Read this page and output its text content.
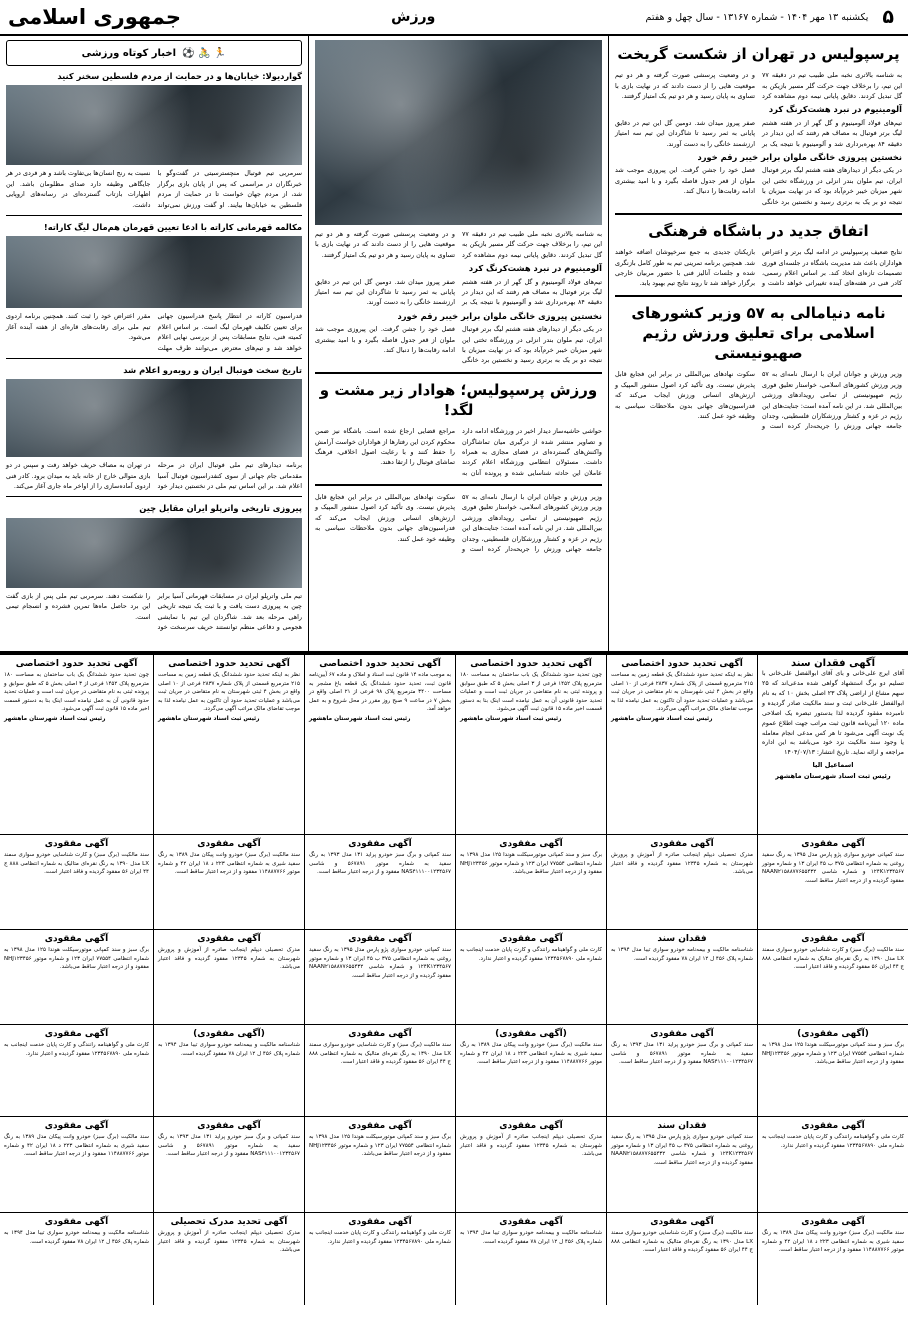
۵
یکشنبه ۱۳ مهر ۱۴۰۴ - شماره ۱۳۱۶۷ - سال چهل و هفتم
ورزش
جمهوری اسلامی
پرسپولیس در تهران از شکست گریخت
به شناسه بالاتری نخبه ملی طبیب تیم در دقیقه ۷۷ این تیم، را برخلاف جهت حرکت گلر مسیر بازیکن به گل تبدیل کردند. دقایق پایانی نیمه دوم مشاهده کرد و در وضعیت پرسشی صورت گرفته و هر دو تیم موقعیت هایی را از دست دادند که در نهایت بازی با تساوی به پایان رسید و هر دو تیم یک امتیاز گرفتند.
آلومینیوم در نبرد هشت‌کرنگ کرد
تیم‌های فولاد آلومینیوم و گل گهر از در هفته هشتم لیگ برتر فوتبال به مصاف هم رفتند که این دیدار در دقیقه ۸۴ بهره‌برداری شد و آلومینیوم با نتیجه یک بر صفر پیروز میدان شد. دومین گل این تیم در دقایق پایانی به ثمر رسید تا شاگردان این تیم سه امتیاز ارزشمند خانگی را به دست آورند.
نخستین پیروزی خانگی ملوان برابر خیبر رقم خورد
در یکی دیگر از دیدارهای هفته هشتم لیگ برتر فوتبال ایران، تیم ملوان بندر انزلی در ورزشگاه تختی این شهر میزبان خیبر خرم‌آباد بود که در نهایت میزبان با نتیجه دو بر یک به برتری رسید و نخستین برد خانگی فصل خود را جشن گرفت. این پیروزی موجب شد ملوان از قعر جدول فاصله بگیرد و با امید بیشتری ادامه رقابت‌ها را دنبال کند.
اتفاق جدید در باشگاه فرهنگی
نتایج ضعیف پرسپولیس در ادامه لیگ برتر و اعتراض هواداران باعث شد مدیریت باشگاه در جلسه‌ای فوری تصمیمات تازه‌ای اتخاذ کند. بر اساس اعلام رسمی، کادر فنی در هفته‌های آینده تغییراتی خواهد داشت و بازیکنان جدیدی به جمع سرخپوشان اضافه خواهند شد. همچنین برنامه تمرینی تیم به طور کامل بازنگری شده و جلسات آنالیز فنی با حضور مربیان خارجی برگزار خواهد شد تا روند نتایج تیم بهبود یابد.
نامه دنیامالی به ۵۷ وزیر کشورهای اسلامی برای تعلیق ورزش رژیم صهیونیستی
وزیر ورزش و جوانان ایران با ارسال نامه‌ای به ۵۷ وزیر ورزش کشورهای اسلامی، خواستار تعلیق فوری رژیم صهیونیستی از تمامی رویدادهای ورزشی بین‌المللی شد. در این نامه آمده است: جنایت‌های این رژیم در غزه و کشتار ورزشکاران فلسطینی، وجدان جامعه جهانی ورزش را جریحه‌دار کرده است و سکوت نهادهای بین‌المللی در برابر این فجایع قابل پذیرش نیست. وی تأکید کرد اصول منشور المپیک و ارزش‌های انسانی ورزش ایجاب می‌کند که فدراسیون‌های جهانی بدون ملاحظات سیاسی به وظیفه خود عمل کنند.
به شناسه بالاتری نخبه ملی طبیب تیم در دقیقه ۷۷ این تیم، را برخلاف جهت حرکت گلر مسیر بازیکن به گل تبدیل کردند. دقایق پایانی نیمه دوم مشاهده کرد و در وضعیت پرسشی صورت گرفته و هر دو تیم موقعیت هایی را از دست دادند که در نهایت بازی با تساوی به پایان رسید و هر دو تیم یک امتیاز گرفتند.
آلومینیوم در نبرد هشت‌کرنگ کرد
تیم‌های فولاد آلومینیوم و گل گهر از در هفته هشتم لیگ برتر فوتبال به مصاف هم رفتند که این دیدار در دقیقه ۸۴ بهره‌برداری شد و آلومینیوم با نتیجه یک بر صفر پیروز میدان شد. دومین گل این تیم در دقایق پایانی به ثمر رسید تا شاگردان این تیم سه امتیاز ارزشمند خانگی را به دست آورند.
نخستین پیروزی خانگی ملوان برابر خیبر رقم خورد
در یکی دیگر از دیدارهای هفته هشتم لیگ برتر فوتبال ایران، تیم ملوان بندر انزلی در ورزشگاه تختی این شهر میزبان خیبر خرم‌آباد بود که در نهایت میزبان با نتیجه دو بر یک به برتری رسید و نخستین برد خانگی فصل خود را جشن گرفت. این پیروزی موجب شد ملوان از قعر جدول فاصله بگیرد و با امید بیشتری ادامه رقابت‌ها را دنبال کند.
ورزش پرسپولیس؛ هوادار زیر مشت و لگد!
حواشی حاشیه‌ساز دیدار اخیر در ورزشگاه ادامه دارد و تصاویر منتشر شده از درگیری میان تماشاگران واکنش‌های گسترده‌ای در فضای مجازی به همراه داشت. مسئولان انتظامی ورزشگاه اعلام کردند عاملان این حادثه شناسایی شده و پرونده آنان به مراجع قضایی ارجاع شده است. باشگاه نیز ضمن محکوم کردن این رفتارها از هواداران خواست آرامش را حفظ کنند و با رعایت اصول اخلاقی، فرهنگ تماشای فوتبال را ارتقا دهند.
وزیر ورزش و جوانان ایران با ارسال نامه‌ای به ۵۷ وزیر ورزش کشورهای اسلامی، خواستار تعلیق فوری رژیم صهیونیستی از تمامی رویدادهای ورزشی بین‌المللی شد. در این نامه آمده است: جنایت‌های این رژیم در غزه و کشتار ورزشکاران فلسطینی، وجدان جامعه جهانی ورزش را جریحه‌دار کرده است و سکوت نهادهای بین‌المللی در برابر این فجایع قابل پذیرش نیست. وی تأکید کرد اصول منشور المپیک و ارزش‌های انسانی ورزش ایجاب می‌کند که فدراسیون‌های جهانی بدون ملاحظات سیاسی به وظیفه خود عمل کنند.
🏃 🚴 ⚽
اخبار کوتاه ورزشی
گواردیولا: خیابان‌ها و در حمایت از مردم فلسطین سخنر کنید
سرمربی تیم فوتبال منچسترسیتی در گفت‌وگو با خبرنگاران در مراسمی که پس از پایان بازی برگزار شد، از مردم جهان خواست تا در حمایت از مردم فلسطین به خیابان‌ها بیایند. او گفت ورزش نمی‌تواند نسبت به رنج انسان‌ها بی‌تفاوت باشد و هر فردی در هر جایگاهی وظیفه دارد صدای مظلومان باشد. این اظهارات بازتاب گسترده‌ای در رسانه‌های اروپایی داشت.
مکالمه قهرمانی کاراته با ادعا تعیین قهرمان هم‌مال لیگ کاراته!
فدراسیون کاراته در انتظار پاسخ فدراسیون جهانی برای تعیین تکلیف قهرمان لیگ است. بر اساس اعلام کمیته فنی، نتایج مسابقات پس از بررسی نهایی اعلام خواهد شد و تیم‌های معترض می‌توانند ظرف مهلت مقرر اعتراض خود را ثبت کنند. همچنین برنامه اردوی تیم ملی برای رقابت‌های قاره‌ای از هفته آینده آغاز می‌شود.
تاریخ سخت فوتبال ایران و روبه‌رو اعلام شد
برنامه دیدارهای تیم ملی فوتبال ایران در مرحله مقدماتی جام جهانی از سوی کنفدراسیون فوتبال آسیا اعلام شد. بر این اساس تیم ملی در نخستین دیدار خود در تهران به مصاف حریف خواهد رفت و سپس در دو بازی متوالی خارج از خانه باید به میدان برود. کادر فنی اردوی آماده‌سازی را از اواخر ماه جاری آغاز می‌کند.
پیروزی تاریخی واترپلو ایران مقابل چین
تیم ملی واترپلو ایران در مسابقات قهرمانی آسیا برابر چین به پیروزی دست یافت و با ثبت یک نتیجه تاریخی راهی مرحله بعد شد. شاگردان این تیم با نمایشی هجومی و دفاعی منظم توانستند حریف سرسخت خود را شکست دهند. سرمربی تیم ملی پس از بازی گفت این برد حاصل ماه‌ها تمرین فشرده و انسجام تیمی است.
آگهی فقدان سند
آقای ایرج علی‌خانی و بای آقای ابوالفضل علی‌خانی با تسلیم دو برگ استشهاد گواهی شده مدعی‌اند که ۲۵ سهم مشاع از اراضی پلاک ۲۳ اصلی بخش ۱۰ که به نام ابوالفضل علی‌خانی ثبت و سند مالکیت صادر گردیده و نامبرده مفقود گردیده لذا بدستور تبصره یک اصلاحی ماده ۱۲۰ آیین‌نامه قانون ثبت مراتب جهت اطلاع عموم یک نوبت آگهی می‌شود تا هر کس مدعی انجام معامله یا وجود سند مالکیت نزد خود می‌باشد به این اداره مراجعه و ارائه نماید. تاریخ انتشار: ۱۴۰۴/۰۷/۱۳
اسماعیل الیا
رئیس ثبت اسناد شهرستان ماهشهر
آگهی مفقودی
سند کمپانی خودرو سواری پژو پارس مدل ۱۳۹۵ به رنگ سفید روغنی به شماره انتظامی ۳۷۵ ب ۴۵ ایران ۱۳ و شماره موتور ۱۲۴K۱۲۳۴۵۶۷ و شماره شاسی NAAN۲۱۵۸۸۷۷۶۵۵۴۳۲ مفقود گردیده و از درجه اعتبار ساقط است.
آگهی مفقودی
سند مالکیت (برگ سبز) و کارت شناسایی خودرو سواری سمند LX مدل ۱۳۹۰ به رنگ نقره‌ای متالیک به شماره انتظامی ۸۸۸ ج ۴۴ ایران ۵۶ مفقود گردیده و فاقد اعتبار است.
(آگهی مفقودی)
برگ سبز و سند کمپانی موتورسیکلت هوندا ۱۲۵ مدل ۱۳۹۸ به شماره انتظامی ۷۷۵۵۴ ایران ۱۲۳ و شماره موتور NHJ۱۲۳۴۵۶ مفقود و از درجه اعتبار ساقط می‌باشد.
آگهی مفقودی
کارت ملی و گواهینامه رانندگی و کارت پایان خدمت اینجانب به شماره ملی ۱۲۳۴۵۶۷۸۹۰ مفقود گردیده و اعتبار ندارد.
آگهی مفقودی
سند مالکیت (برگ سبز) خودرو وانت پیکان مدل ۱۳۸۹ به رنگ سفید شیری به شماره انتظامی ۲۲۳ د ۱۸ ایران ۴۲ و شماره موتور ۱۱۴۸۸۷۷۶۶ مفقود و از درجه اعتبار ساقط است.
آگهی تحدید حدود اختصاصی
نظر به اینکه تحدید حدود ششدانگ یک قطعه زمین به مساحت ۲۱۵ مترمربع قسمتی از پلاک شماره ۲۸۳۷ فرعی از ۱۰ اصلی واقع در بخش ۴ ثبتی شهرستان به نام متقاضی در جریان ثبت می‌باشد و عملیات تحدید حدود آن تاکنون به عمل نیامده لذا به موجب تقاضای مالک مراتب آگهی می‌گردد.
رئیس ثبت اسناد شهرستان ماهشهر
آگهی مفقودی
مدرک تحصیلی دیپلم اینجانب صادره از آموزش و پرورش شهرستان به شماره ۱۲۳۴۵ مفقود گردیده و فاقد اعتبار می‌باشد.
فقدان سند
شناسنامه مالکیت و بیمه‌نامه خودرو سواری تیبا مدل ۱۳۹۴ به شماره پلاک ۴۵۶ ل ۱۲ ایران ۷۸ مفقود گردیده است.
آگهی مفقودی
سند کمپانی و برگ سبز خودرو پراید ۱۳۱ مدل ۱۳۹۳ به رنگ سفید به شماره موتور ۵۶۷۸۹۱ و شاسی NAS۴۱۱۱۰۰۱۲۳۴۵۶۷ مفقود و از درجه اعتبار ساقط است.
فقدان سند
سند کمپانی خودرو سواری پژو پارس مدل ۱۳۹۵ به رنگ سفید روغنی به شماره انتظامی ۳۷۵ ب ۴۵ ایران ۱۳ و شماره موتور ۱۲۴K۱۲۳۴۵۶۷ و شماره شاسی NAAN۲۱۵۸۸۷۷۶۵۵۴۳۲ مفقود گردیده و از درجه اعتبار ساقط است.
آگهی مفقودی
سند مالکیت (برگ سبز) و کارت شناسایی خودرو سواری سمند LX مدل ۱۳۹۰ به رنگ نقره‌ای متالیک به شماره انتظامی ۸۸۸ ج ۴۴ ایران ۵۶ مفقود گردیده و فاقد اعتبار است.
آگهی تحدید حدود اختصاصی
چون تحدید حدود ششدانگ یک باب ساختمان به مساحت ۱۸۰ مترمربع پلاک ۱۴۵۲ فرعی از ۳ اصلی بخش ۵ که طبق سوابق و پرونده ثبتی به نام متقاضی در جریان ثبت است و عملیات تحدید حدود قانونی آن به عمل نیامده است اینک بنا به دستور قسمت اخیر ماده ۱۵ قانون ثبت آگهی می‌شود.
رئیس ثبت اسناد شهرستان ماهشهر
آگهی مفقودی
برگ سبز و سند کمپانی موتورسیکلت هوندا ۱۲۵ مدل ۱۳۹۸ به شماره انتظامی ۷۷۵۵۴ ایران ۱۲۳ و شماره موتور NHJ۱۲۳۴۵۶ مفقود و از درجه اعتبار ساقط می‌باشد.
آگهی مفقودی
کارت ملی و گواهینامه رانندگی و کارت پایان خدمت اینجانب به شماره ملی ۱۲۳۴۵۶۷۸۹۰ مفقود گردیده و اعتبار ندارد.
(آگهی مفقودی)
سند مالکیت (برگ سبز) خودرو وانت پیکان مدل ۱۳۸۹ به رنگ سفید شیری به شماره انتظامی ۲۲۳ د ۱۸ ایران ۴۲ و شماره موتور ۱۱۴۸۸۷۷۶۶ مفقود و از درجه اعتبار ساقط است.
آگهی مفقودی
مدرک تحصیلی دیپلم اینجانب صادره از آموزش و پرورش شهرستان به شماره ۱۲۳۴۵ مفقود گردیده و فاقد اعتبار می‌باشد.
آگهی مفقودی
شناسنامه مالکیت و بیمه‌نامه خودرو سواری تیبا مدل ۱۳۹۴ به شماره پلاک ۴۵۶ ل ۱۲ ایران ۷۸ مفقود گردیده است.
آگهی تحدید حدود اختصاصی
به موجب ماده ۱۴ قانون ثبت اسناد و املاک و ماده ۶۷ آیین‌نامه قانون ثبت، تحدید حدود ششدانگ یک قطعه باغ مشجر به مساحت ۳۴۰۰ مترمربع پلاک ۹۸ فرعی از ۲۱ اصلی واقع در بخش ۷ در ساعت ۹ صبح روز مقرر در محل شروع و به عمل خواهد آمد.
رئیس ثبت اسناد شهرستان ماهشهر
آگهی مفقودی
سند کمپانی و برگ سبز خودرو پراید ۱۳۱ مدل ۱۳۹۳ به رنگ سفید به شماره موتور ۵۶۷۸۹۱ و شاسی NAS۴۱۱۱۰۰۱۲۳۴۵۶۷ مفقود و از درجه اعتبار ساقط است.
آگهی مفقودی
سند کمپانی خودرو سواری پژو پارس مدل ۱۳۹۵ به رنگ سفید روغنی به شماره انتظامی ۳۷۵ ب ۴۵ ایران ۱۳ و شماره موتور ۱۲۴K۱۲۳۴۵۶۷ و شماره شاسی NAAN۲۱۵۸۸۷۷۶۵۵۴۳۲ مفقود گردیده و از درجه اعتبار ساقط است.
آگهی مفقودی
سند مالکیت (برگ سبز) و کارت شناسایی خودرو سواری سمند LX مدل ۱۳۹۰ به رنگ نقره‌ای متالیک به شماره انتظامی ۸۸۸ ج ۴۴ ایران ۵۶ مفقود گردیده و فاقد اعتبار است.
آگهی مفقودی
برگ سبز و سند کمپانی موتورسیکلت هوندا ۱۲۵ مدل ۱۳۹۸ به شماره انتظامی ۷۷۵۵۴ ایران ۱۲۳ و شماره موتور NHJ۱۲۳۴۵۶ مفقود و از درجه اعتبار ساقط می‌باشد.
آگهی مفقودی
کارت ملی و گواهینامه رانندگی و کارت پایان خدمت اینجانب به شماره ملی ۱۲۳۴۵۶۷۸۹۰ مفقود گردیده و اعتبار ندارد.
آگهی تحدید حدود اختصاصی
نظر به اینکه تحدید حدود ششدانگ یک قطعه زمین به مساحت ۲۱۵ مترمربع قسمتی از پلاک شماره ۲۸۳۷ فرعی از ۱۰ اصلی واقع در بخش ۴ ثبتی شهرستان به نام متقاضی در جریان ثبت می‌باشد و عملیات تحدید حدود آن تاکنون به عمل نیامده لذا به موجب تقاضای مالک مراتب آگهی می‌گردد.
رئیس ثبت اسناد شهرستان ماهشهر
آگهی مفقودی
سند مالکیت (برگ سبز) خودرو وانت پیکان مدل ۱۳۸۹ به رنگ سفید شیری به شماره انتظامی ۲۲۳ د ۱۸ ایران ۴۲ و شماره موتور ۱۱۴۸۸۷۷۶۶ مفقود و از درجه اعتبار ساقط است.
آگهی مفقودی
مدرک تحصیلی دیپلم اینجانب صادره از آموزش و پرورش شهرستان به شماره ۱۲۳۴۵ مفقود گردیده و فاقد اعتبار می‌باشد.
(آگهی مفقودی)
شناسنامه مالکیت و بیمه‌نامه خودرو سواری تیبا مدل ۱۳۹۴ به شماره پلاک ۴۵۶ ل ۱۲ ایران ۷۸ مفقود گردیده است.
آگهی مفقودی
سند کمپانی و برگ سبز خودرو پراید ۱۳۱ مدل ۱۳۹۳ به رنگ سفید به شماره موتور ۵۶۷۸۹۱ و شاسی NAS۴۱۱۱۰۰۱۲۳۴۵۶۷ مفقود و از درجه اعتبار ساقط است.
آگهی تحدید مدرک تحصیلی
مدرک تحصیلی دیپلم اینجانب صادره از آموزش و پرورش شهرستان به شماره ۱۲۳۴۵ مفقود گردیده و فاقد اعتبار می‌باشد.
آگهی تحدید حدود اختصاصی
چون تحدید حدود ششدانگ یک باب ساختمان به مساحت ۱۸۰ مترمربع پلاک ۱۴۵۲ فرعی از ۳ اصلی بخش ۵ که طبق سوابق و پرونده ثبتی به نام متقاضی در جریان ثبت است و عملیات تحدید حدود قانونی آن به عمل نیامده است اینک بنا به دستور قسمت اخیر ماده ۱۵ قانون ثبت آگهی می‌شود.
رئیس ثبت اسناد شهرستان ماهشهر
آگهی مفقودی
سند مالکیت (برگ سبز) و کارت شناسایی خودرو سواری سمند LX مدل ۱۳۹۰ به رنگ نقره‌ای متالیک به شماره انتظامی ۸۸۸ ج ۴۴ ایران ۵۶ مفقود گردیده و فاقد اعتبار است.
آگهی مفقودی
برگ سبز و سند کمپانی موتورسیکلت هوندا ۱۲۵ مدل ۱۳۹۸ به شماره انتظامی ۷۷۵۵۴ ایران ۱۲۳ و شماره موتور NHJ۱۲۳۴۵۶ مفقود و از درجه اعتبار ساقط می‌باشد.
آگهی مفقودی
کارت ملی و گواهینامه رانندگی و کارت پایان خدمت اینجانب به شماره ملی ۱۲۳۴۵۶۷۸۹۰ مفقود گردیده و اعتبار ندارد.
آگهی مفقودی
سند مالکیت (برگ سبز) خودرو وانت پیکان مدل ۱۳۸۹ به رنگ سفید شیری به شماره انتظامی ۲۲۳ د ۱۸ ایران ۴۲ و شماره موتور ۱۱۴۸۸۷۷۶۶ مفقود و از درجه اعتبار ساقط است.
آگهی مفقودی
شناسنامه مالکیت و بیمه‌نامه خودرو سواری تیبا مدل ۱۳۹۴ به شماره پلاک ۴۵۶ ل ۱۲ ایران ۷۸ مفقود گردیده است.
